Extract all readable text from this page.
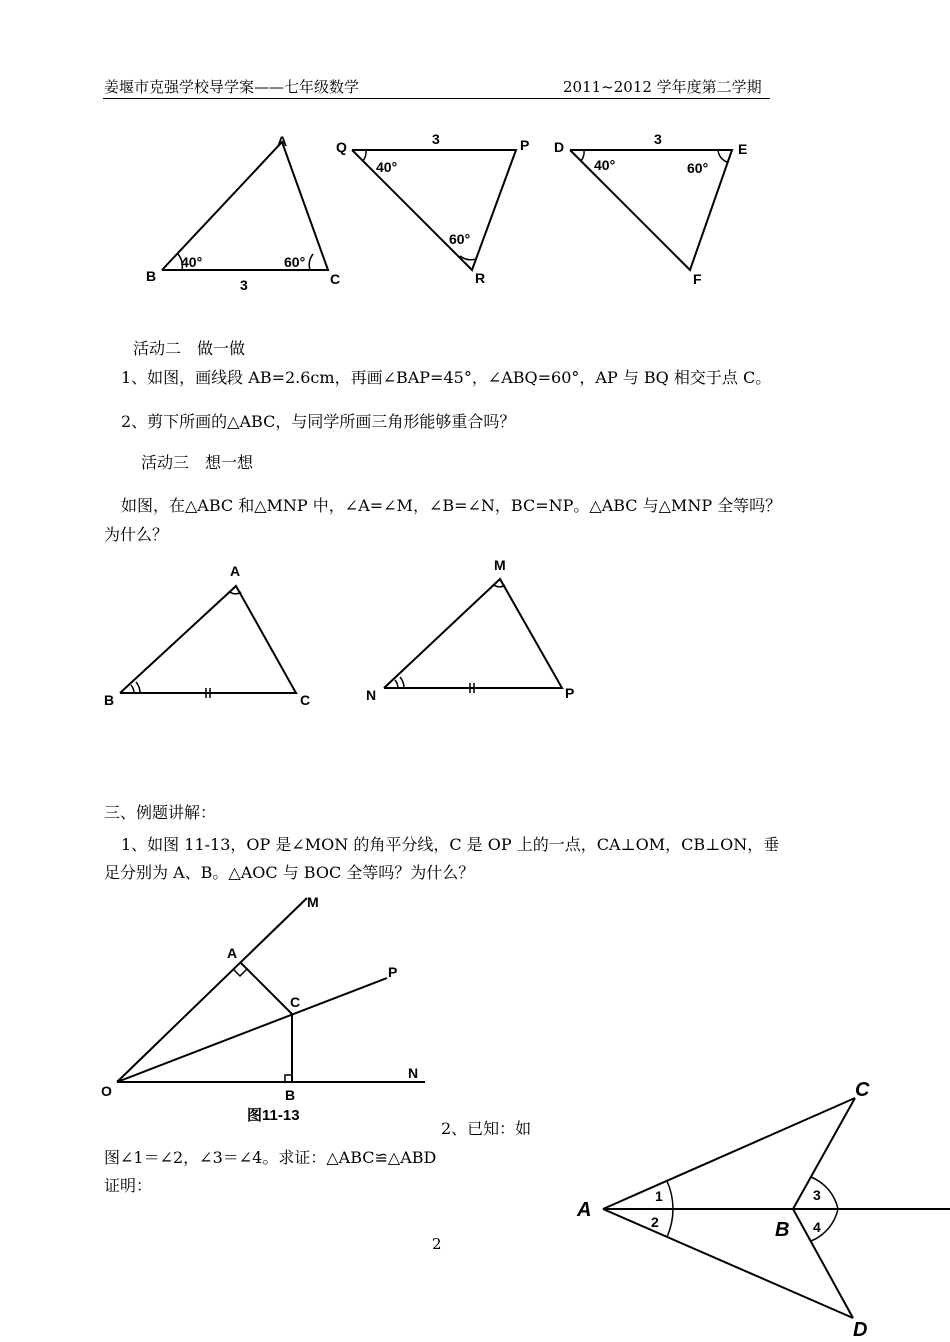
姜堰市克强学校导学案——七年级数学	2011~2012 学年度第二学期
A
B	C
3
40°	60°
Q	P
R
3
40°
60°
D	E
F
3
40°	60°
活动二　做一做
1、如图，画线段 AB=2.6cm，再画∠BAP=45°，∠ABQ=60°，AP 与 BQ 相交于点 C。
2、剪下所画的△ABC，与同学所画三角形能够重合吗？
活动三　想一想
如图，在△ABC 和△MNP 中，∠A=∠M，∠B=∠N，BC=NP。△ABC 与△MNP 全等吗？
为什么？
A
B	C
M
N	P
三、例题讲解：
1、如图 11-13，OP 是∠MON 的角平分线，C 是 OP 上的一点，CA⊥OM，CB⊥ON，垂
足分别为 A、B。△AOC 与 BOC 全等吗？为什么？
M
A
C
P
O	B
N
图11-13
2、已知：如
图∠1＝∠2，∠3＝∠4。求证：△ABC≌△ABD
证明：
A
B
C
D
1
2
3
4
2
